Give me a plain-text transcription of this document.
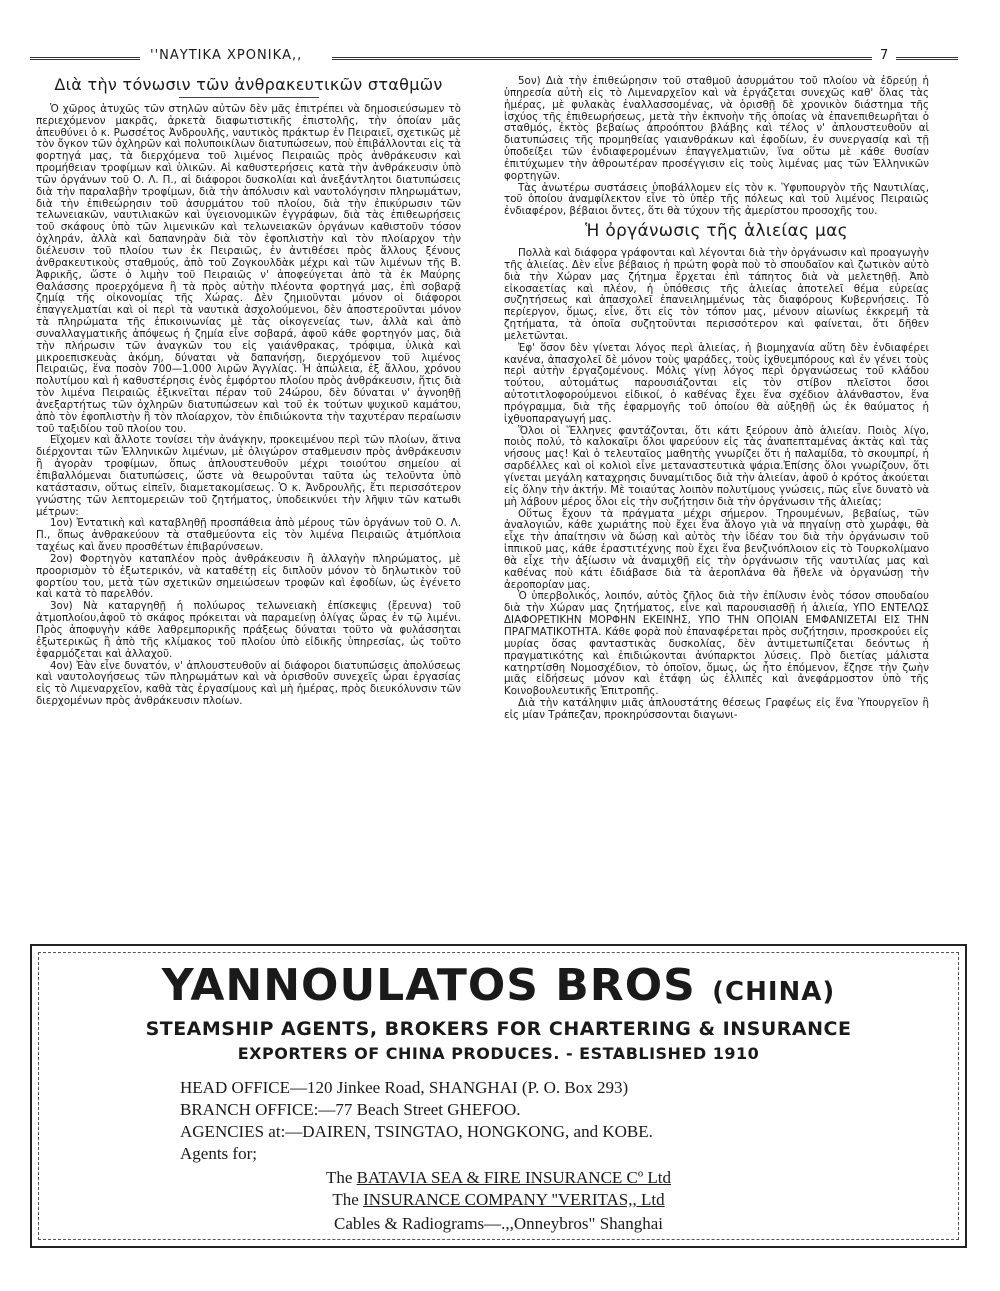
''ΝΑΥΤΙΚΑ ΧΡΟΝΙΚΑ,,	7
Διὰ τὴν τόνωσιν τῶν ἀνθρακευτικῶν σταθμῶν

Ὁ χῶρος ἀτυχῶς τῶν στηλῶν αὐτῶν δὲν μᾶς ἐπιτρέπει νὰ δημοσιεύσωμεν τὸ περιεχόμενον μακρᾶς, ἀρκετὰ διαφωτιστικῆς ἐπιστολῆς, τὴν ὁποίαν μᾶς ἀπευθύνει ὁ κ. Ρωσσέτος Ἀνδρουλῆς, ναυτικὸς πράκτωρ ἐν Πειραιεῖ, σχετικῶς μὲ τὸν ὄγκον τῶν ὀχληρῶν καὶ πολυποικίλων διατυπώσεων, ποὺ ἐπιβάλλονται εἰς τὰ φορτηγά μας, τὰ διερχόμενα τοῦ λιμένος Πειραιῶς πρὸς ἀνθράκευσιν καὶ προμήθειαν τροφίμων καὶ ὑλικῶν. Αἱ καθυστερήσεις κατὰ τὴν ἀνθράκευσιν ὑπὸ τῶν ὀργάνων τοῦ Ο. Λ. Π., αἱ διάφοροι δυσκολίαι καὶ ἀνεξάντλητοι διατυπώσεις διὰ τὴν παραλαβὴν τροφίμων, διὰ τὴν ἀπόλυσιν καὶ ναυτολόγησιν πληρωμάτων, διὰ τὴν ἐπιθεώρησιν τοῦ ἀσυρμάτου τοῦ πλοίου, διὰ τὴν ἐπικύρωσιν τῶν τελωνειακῶν, ναυτιλιακῶν καὶ ὑγειονομικῶν ἐγγράφων, διὰ τὰς ἐπιθεωρήσεις τοῦ σκάφους ὑπὸ τῶν λιμενικῶν καὶ τελωνειακῶν ὀργάνων καθιστοῦν τόσον ὀχληράν, ἀλλὰ καὶ δαπανηρὰν διὰ τὸν ἐφοπλιστὴν καὶ τὸν πλοίαρχον τὴν διέλευσιν τοῦ πλοίου των ἐκ Πειραιῶς, ἐν ἀντιθέσει πρὸς ἄλλους ξένους ἀνθρακευτικοὺς σταθμούς, ἀπὸ τοῦ Ζογκουλδὰκ μέχρι καὶ τῶν λιμένων τῆς Β. Ἀφρικῆς, ὥστε ὁ λιμὴν τοῦ Πειραιῶς ν' ἀποφεύγεται ἀπὸ τὰ ἐκ Μαύρης Θαλάσσης προερχόμενα ἢ τὰ πρὸς αὐτὴν πλέοντα φορτηγά μας, ἐπὶ σοβαρᾷ ζημίᾳ τῆς οἰκονομίας τῆς Χώρας. Δὲν ζημιοῦνται μόνον οἱ διάφοροι ἐπαγγελματίαι καὶ οἱ περὶ τὰ ναυτικὰ ἀσχολούμενοι, δὲν ἀποστεροῦνται μόνον τὰ πληρώματα τῆς ἐπικοινωνίας μὲ τὰς οἰκογενείας των, ἀλλὰ καὶ ἀπὸ συναλλαγματικῆς ἀπόψεως ἡ ζημία εἶνε σοβαρά, ἀφοῦ κάθε φορτηγόν μας, διὰ τὴν πλήρωσιν τῶν ἀναγκῶν του εἰς γαιάνθρακας, τρόφιμα, ὑλικὰ καὶ μικροεπισκευὰς ἀκόμη, δύναται νὰ δαπανήσῃ, διερχόμενον τοῦ λιμένος Πειραιῶς, ἕνα ποσὸν 700—1.000 λιρῶν Ἀγγλίας. Ἡ ἀπώλεια, ἐξ ἄλλου, χρόνου πολυτίμου καὶ ἡ καθυστέρησις ἑνὸς ἐμφόρτου πλοίου πρὸς ἀνθράκευσιν, ἥτις διὰ τὸν λιμένα Πειραιῶς ἐξικνεῖται πέραν τοῦ 24ώρου, δὲν δύναται ν' ἀγνοηθῇ ἀνεξαρτήτως τῶν ὀχληρῶν διατυπώσεων καὶ τοῦ ἐκ τούτων ψυχικοῦ καμάτου, ἀπὸ τὸν ἐφοπλιστὴν ἢ τὸν πλοίαρχον, τὸν ἐπιδιώκοντα τὴν ταχυτέραν περαίωσιν τοῦ ταξιδίου τοῦ πλοίου του.

Εἴχομεν καὶ ἄλλοτε τονίσει τὴν ἀνάγκην, προκειμένου περὶ τῶν πλοίων, ἅτινα διέρχονται τῶν Ἑλληνικῶν λιμένων, μὲ ὀλιγώρον σταθμευσιν πρὸς ἀνθράκευσιν ἢ ἀγορὰν τροφίμων, ὅπως ἀπλουστευθοῦν μέχρι τοιούτου σημείου αἱ ἐπιβαλλόμεναι διατυπώσεις, ὥστε νὰ θεωροῦνται ταῦτα ὡς τελοῦντα ὑπὸ κατάστασιν, οὕτως εἰπεῖν, διαμετακομίσεως. Ὁ κ. Ἀνδρουλῆς, ἔτι περισσότερον γνώστης τῶν λεπτομερειῶν τοῦ ζητήματος, ὑποδεικνύει τὴν λῆψιν τῶν κατωθι μέτρων:

1ον) Ἐντατικὴ καὶ καταβληθῇ προσπάθεια ἀπὸ μέρους τῶν ὀργάνων τοῦ Ο. Λ. Π., ὅπως ἀνθρακεύουν τὰ σταθμεύοντα εἰς τὸν λιμένα Πειραιῶς ἀτμόπλοια ταχέως καὶ ἄνευ προσθέτων ἐπιβαρύνσεων.

2ον) Φορτηγὸν καταπλέον πρὸς ἀνθράκευσιν ἢ ἀλλαγὴν πληρώματος, μὲ προορισμὸν τὸ ἐξωτερικόν, νὰ καταθέτῃ εἰς διπλοῦν μόνον τὸ δηλωτικὸν τοῦ φορτίου του, μετὰ τῶν σχετικῶν σημειώσεων τροφῶν καὶ ἐφοδίων, ὡς ἐγένετο καὶ κατὰ τὸ παρελθόν.

3ον) Νὰ καταργηθῇ ἡ πολύωρος τελωνειακὴ ἐπίσκεψις (ἔρευνα) τοῦ ἀτμοπλοίου,ἀφοῦ τὸ σκάφος πρόκειται νὰ παραμείνῃ ὀλίγας ὥρας ἐν τῷ λιμένι. Πρὸς ἀποφυγὴν κάθε λαθρεμπορικῆς πράξεως δύναται τοῦτο νὰ φυλάσσηται ἐξωτερικῶς ἢ ἀπὸ τῆς κλίμακος τοῦ πλοίου ὑπὸ εἰδικῆς ὑπηρεσίας, ὡς τοῦτο ἐφαρμόζεται καὶ ἀλλαχοῦ.

4ον) Ἐὰν εἶνε δυνατόν, ν' ἀπλουστευθοῦν αἱ διάφοροι διατυπώσεις ἀπολύσεως καὶ ναυτολογήσεως τῶν πληρωμάτων καὶ νὰ ὁρισθοῦν συνεχεῖς ὧραι ἐργασίας εἰς τὸ Λιμεναρχεῖον, καθὰ τὰς ἐργασίμους καὶ μὴ ἡμέρας, πρὸς διευκόλυνσιν τῶν διερχομένων πρὸς ἀνθράκευσιν πλοίων.

5ον) Διὰ τὴν ἐπιθεώρησιν τοῦ σταθμοῦ ἀσυρμάτου τοῦ πλοίου νὰ ἐδρεύῃ ἡ ὑπηρεσία αὐτὴ εἰς τὸ Λιμεναρχεῖον καὶ νὰ ἐργάζεται συνεχῶς καθ' ὅλας τὰς ἡμέρας, μὲ φυλακὰς ἐναλλασσομένας, νὰ ὁρισθῇ δὲ χρονικὸν διάστημα τῆς ἰσχύος τῆς ἐπιθεωρήσεως, μετὰ τὴν ἐκπνοὴν τῆς ὁποίας νὰ ἐπανεπιθεωρῆται ὁ σταθμός, ἐκτὸς βεβαίως ἀπροόπτου βλάβης καὶ τέλος ν' ἀπλουστευθοῦν αἱ διατυπώσεις τῆς προμηθείας γαιανθράκων καὶ ἐφοδίων, ἐν συνεργασίᾳ καὶ τῇ ὑποδείξει τῶν ἐνδιαφερομένων ἐπαγγελματιῶν, ἵνα οὕτω μὲ κάθε θυσίαν ἐπιτύχωμεν τὴν ἀθροωτέραν προσέγγισιν εἰς τοὺς λιμένας μας τῶν Ἑλληνικῶν φορτηγῶν.

Τὰς ἀνωτέρω συστάσεις ὑποβάλλομεν εἰς τὸν κ. Ὑφυπουργὸν τῆς Ναυτιλίας, τοῦ ὁποίου ἀναμφίλεκτον εἶνε τὸ ὑπὲρ τῆς πόλεως καὶ τοῦ λιμένος Πειραιῶς ἐνδιαφέρον, βέβαιοι ὄντες, ὅτι θὰ τύχουν τῆς ἀμερίστου προσοχῆς του.

Ἡ ὀργάνωσις τῆς ἁλιείας μας

Πολλὰ καὶ διάφορα γράφονται καὶ λέγονται διὰ τὴν ὀργάνωσιν καὶ προαγωγὴν τῆς ἁλιείας. Δὲν εἶνε βέβαιος ἡ πρώτη φορὰ ποὺ τὸ σπουδαῖον καὶ ζωτικὸν αὐτὸ διὰ τὴν Χώραν μας ζήτημα ἔρχεται ἐπὶ τάπητος διὰ νὰ μελετηθῇ. Ἀπὸ εἰκοσαετίας καὶ πλέον, ἡ ὑπόθεσις τῆς ἁλιείας ἀποτελεῖ θέμα εὐρείας συζητήσεως καὶ ἀπασχολεῖ ἐπανειλημμένως τὰς διαφόρους Κυβερνήσεις. Τὸ περίεργον, ὅμως, εἶνε, ὅτι εἰς τὸν τόπον μας, μένουν αἰωνίως ἐκκρεμῆ τὰ ζητήματα, τὰ ὁποῖα συζητοῦνται περισσότερον καὶ φαίνεται, ὅτι δῆθεν μελετῶνται.

Ἐφ' ὅσον δὲν γίνεται λόγος περὶ ἁλιείας, ἡ βιομηχανία αὕτη δὲν ἐνδιαφέρει κανένα, ἀπασχολεῖ δὲ μόνον τοὺς ψαράδες, τοὺς ἰχθυεμπόρους καὶ ἐν γένει τοὺς περὶ αὐτὴν ἐργαζομένους. Μόλις γίνῃ λόγος περὶ ὀργανώσεως τοῦ κλάδου τούτου, αὐτομάτως παρουσιάζονται εἰς τὸν στίβον πλεῖστοι ὅσοι αὐτοτιτλοφορούμενοι εἰδικοί, ὁ καθένας ἔχει ἕνα σχέδιον ἀλάνθαστον, ἕνα πρόγραμμα, διὰ τῆς ἐφαρμογῆς τοῦ ὁποίου θὰ αὐξηθῇ ὡς ἐκ θαύματος ἡ ἰχθυοπαραγωγή μας.

Ὅλοι οἱ Ἕλληνες φαντάζονται, ὅτι κάτι ξεύρουν ἀπὸ ἁλιείαν. Ποιὸς λίγο, ποιὸς πολύ, τὸ καλοκαῖρι ὅλοι ψαρεύουν εἰς τὰς ἀναπεπταμένας ἀκτὰς καὶ τὰς νήσους μας! Καὶ ὁ τελευταῖος μαθητὴς γνωρίζει ὅτι ἡ παλαμίδα, τὸ σκουμπρί, ἡ σαρδέλλες καὶ οἱ κολιοὶ εἶνε μεταναστευτικὰ ψάρια.Ἐπίσης ὅλοι γνωρίζουν, ὅτι γίνεται μεγάλη καταχρησις δυναμίτιδος διὰ τὴν ἁλιείαν, ἀφοῦ ὁ κρότος ἀκούεται εἰς ὅλην τὴν ἀκτήν. Μὲ τοιαύτας λοιπὸν πολυτίμους γνώσεις, πῶς εἶνε δυνατὸ νὰ μὴ λάβουν μέρος ὅλοι εἰς τὴν συζήτησιν διὰ τὴν ὀργάνωσιν τῆς ἁλιείας;

Οὕτως ἔχουν τὰ πράγματα μέχρι σήμερον. Τηρουμένων, βεβαίως, τῶν ἀναλογιῶν, κάθε χωριάτης ποὺ ἔχει ἕνα ἄλογο γιὰ νὰ πηγαίνῃ στὸ χωράφι, θὰ εἶχε τὴν ἀπαίτησιν νὰ δώσῃ καὶ αὐτὸς τὴν ἰδέαν του διὰ τὴν ὀργάνωσιν τοῦ ἱππικοῦ μας, κάθε ἐραστιτέχνης ποὺ ἔχει ἕνα βενζινόπλοιον εἰς τὸ Τουρκολίμανο θὰ εἶχε τὴν ἀξίωσιν νὰ ἀναμιχθῇ εἰς τὴν ὀργάνωσιν τῆς ναυτιλίας μας καὶ καθένας ποὺ κάτι ἐδιάβασε διὰ τὰ ἀεροπλάνα θὰ ἤθελε νὰ ὀργανώσῃ τὴν ἀεροπορίαν μας.

Ὁ ὑπερβολικός, λοιπόν, αὐτὸς ζῆλος διὰ τὴν ἐπίλυσιν ἑνὸς τόσον σπουδαίου διὰ τὴν Χώραν μας ζητήματος, εἶνε καὶ παρουσιασθῇ ἡ ἁλιεία, ΥΠΟ ΕΝΤΕΛΩΣ ΔΙΑΦΟΡΕΤΙΚΗΝ ΜΟΡΦΗΝ ΕΚΕΙΝΗΣ, ΥΠΟ ΤΗΝ ΟΠΟΙΑΝ ΕΜΦΑΝΙΖΕΤΑΙ ΕΙΣ ΤΗΝ ΠΡΑΓΜΑΤΙΚΟΤΗΤΑ. Κάθε φορὰ ποὺ ἐπαναφέρεται πρὸς συζήτησιν, προσκρούει εἰς μυρίας ὅσας φανταστικὰς δυσκολίας, δὲν ἀντιμετωπίζεται δεόντως ἡ πραγματικότης καὶ ἐπιδιώκονται ἀνύπαρκτοι λύσεις. Πρὸ διετίας μάλιστα κατηρτίσθη Νομοσχέδιον, τὸ ὁποῖον, ὅμως, ὡς ἦτο ἑπόμενον, ἔζησε τὴν ζωὴν μιᾶς εἰδήσεως μόνον καὶ ἐτάφη ὡς ἐλλιπὲς καὶ ἀνεφάρμοστον ὑπὸ τῆς Κοινοβουλευτικῆς Ἐπιτροπῆς.

Διὰ τὴν κατάληψιν μιᾶς ἀπλουστάτης θέσεως Γραφέως εἰς ἕνα Ὑπουργεῖον ἢ εἰς μίαν Τράπεζαν, προκηρύσσονται διαγωνι-

YANNOULATOS BROS (CHINA)
STEAMSHIP AGENTS, BROKERS FOR CHARTERING & INSURANCE
EXPORTERS OF CHINA PRODUCES. - ESTABLISHED 1910
HEAD OFFICE—120 Jinkee Road, SHANGHAI (P. O. Box 293)
BRANCH OFFICE:—77 Beach Street GHEFOO.
AGENCIES at:—DAIREN, TSINGTAO, HONGKONG, and KOBE.
Agents for;
The BATAVIA SEA & FIRE INSURANCE Cº Ltd
The INSURANCE COMPANY ''VERITAS,, Ltd
Cables & Radiograms—.,,Onneybros" Shanghai
